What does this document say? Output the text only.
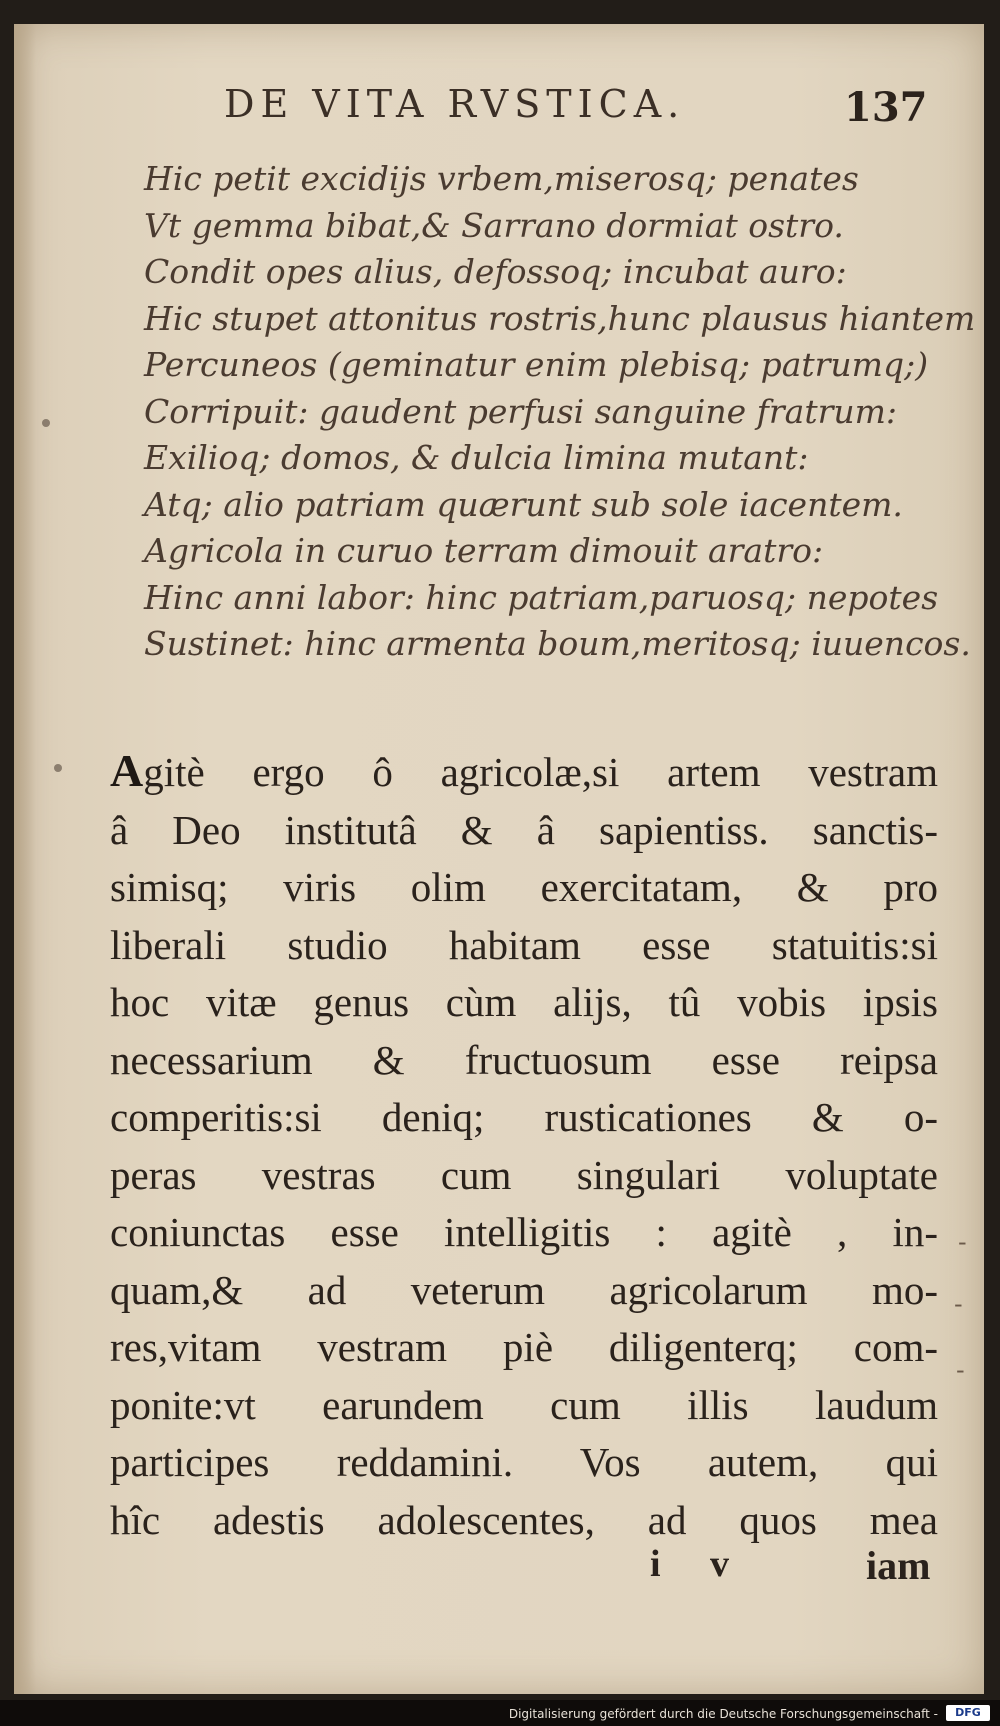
DE VITA RVSTICA.	137
Hic petit excidijs vrbem,miserosq; penates
Vt gemma bibat,& Sarrano dormiat ostro.
Condit opes alius, defossoq; incubat auro:
Hic stupet attonitus rostris,hunc plausus hiantem
Percuneos (geminatur enim plebisq; patrumq;)
Corripuit: gaudent perfusi sanguine fratrum:
Exilioq; domos, & dulcia limina mutant:
Atq; alio patriam quærunt sub sole iacentem.
Agricola in curuo terram dimouit aratro:
Hinc anni labor: hinc patriam,paruosq; nepotes
Sustinet: hinc armenta boum,meritosq; iuuencos.
Agitè ergo ô agricolæ,si artem vestram
â Deo institutâ & â sapientiss. sanctis-
simisq; viris olim exercitatam, & pro
liberali studio habitam esse statuitis:si
hoc vitæ genus cùm alijs, tû vobis ipsis
necessarium & fructuosum esse reipsa
comperitis:si deniq; rusticationes & o-
peras vestras cum singulari voluptate
coniunctas esse intelligitis : agitè , in-
quam,& ad veterum agricolarum mo-
res,vitam vestram piè diligenterq; com-
ponite:vt earundem cum illis laudum
participes reddamini. Vos autem, qui
hîc adestis adolescentes, ad quos mea
i v	iam
-
-
-
Digitalisierung gefördert durch die Deutsche Forschungsgemeinschaft -	DFG
